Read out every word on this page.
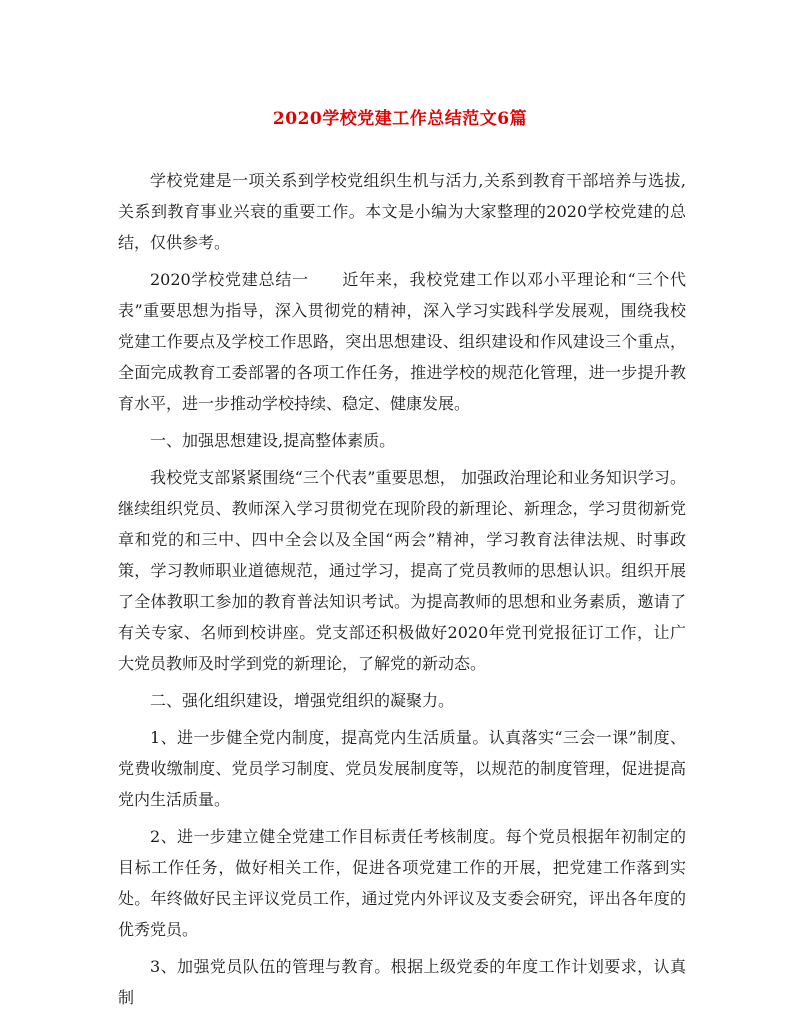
2020学校党建工作总结范文6篇

学校党建是一项关系到学校党组织生机与活力,关系到教育干部培养与选拔,关系到教育事业兴衰的重要工作。本文是小编为大家整理的2020学校党建的总结，仅供参考。

2020学校党建总结一　　近年来，我校党建工作以邓小平理论和“三个代表”重要思想为指导，深入贯彻党的精神，深入学习实践科学发展观，围绕我校党建工作要点及学校工作思路，突出思想建设、组织建设和作风建设三个重点，全面完成教育工委部署的各项工作任务，推进学校的规范化管理，进一步提升教育水平，进一步推动学校持续、稳定、健康发展。

一、加强思想建设,提高整体素质。

我校党支部紧紧围绕“三个代表”重要思想， 加强政治理论和业务知识学习。继续组织党员、教师深入学习贯彻党在现阶段的新理论、新理念，学习贯彻新党章和党的和三中、四中全会以及全国“两会”精神，学习教育法律法规、时事政策，学习教师职业道德规范，通过学习，提高了党员教师的思想认识。组织开展了全体教职工参加的教育普法知识考试。为提高教师的思想和业务素质，邀请了有关专家、名师到校讲座。党支部还积极做好2020年党刊党报征订工作，让广大党员教师及时学到党的新理论，了解党的新动态。

二、强化组织建设，增强党组织的凝聚力。

1、进一步健全党内制度，提高党内生活质量。认真落实“三会一课”制度、党费收缴制度、党员学习制度、党员发展制度等，以规范的制度管理，促进提高党内生活质量。

2、进一步建立健全党建工作目标责任考核制度。每个党员根据年初制定的目标工作任务，做好相关工作，促进各项党建工作的开展，把党建工作落到实处。年终做好民主评议党员工作，通过党内外评议及支委会研究，评出各年度的优秀党员。

3、加强党员队伍的管理与教育。根据上级党委的年度工作计划要求，认真制
